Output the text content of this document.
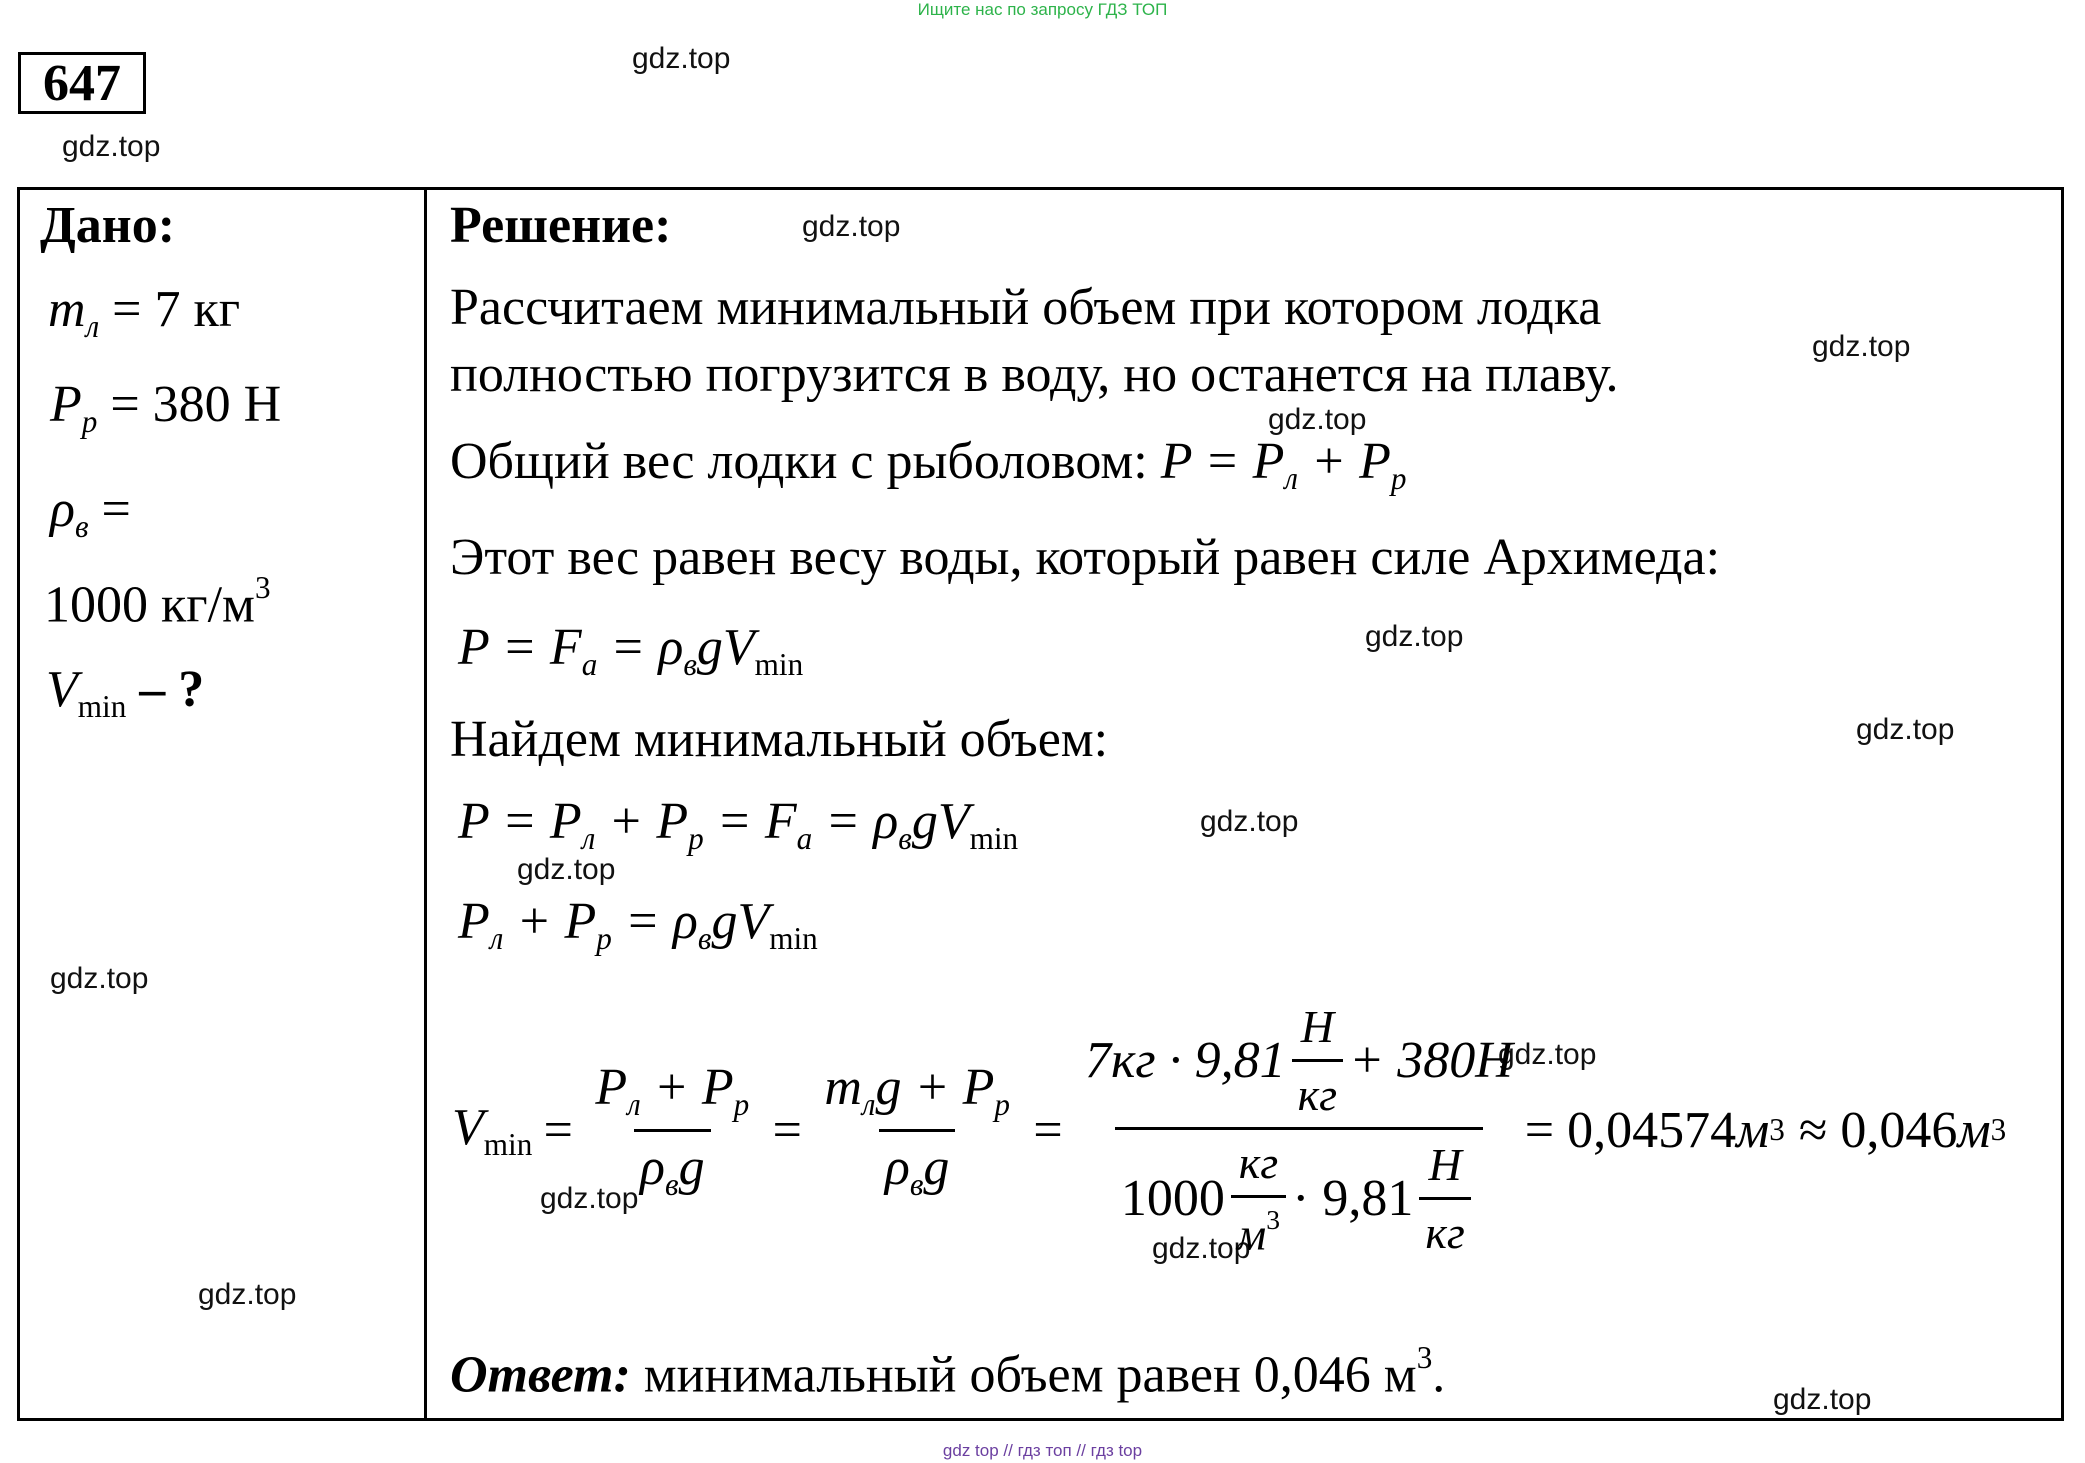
Ищите нас по запросу ГДЗ ТОП
647	gdz.top
gdz.top
gdz.top
gdz.top
gdz.top
gdz.top
gdz.top
gdz.top
gdz.top
gdz.top
gdz.top
gdz.top
gdz.top
gdz.top
gdz.top
Дано:
$m_л = 7$ кг
$P_р = 380$ Н
$\rho_в$ =
1000 $кг/м^3$
$V_{min}$ – ?
Решение:
Рассчитаем минимальный объем при котором лодка
полностью погрузится в воду, но останется на плаву.
Общий вес лодки с рыболовом: $P = P_л + P_р$
Этот вес равен весу воды, который равен силе Архимеда:
$P = F_а = \rho_вgV_{min}$
Найдем минимальный объем:
$P = P_л + P_р = F_а = \rho_вgV_{min}$
$P_л + P_р = \rho_вgV_{min}$
$V_{min} = \frac{P_л + P_р}{\rho_вg} = \frac{m_лg + P_р}{\rho_вg} = \frac{7кг \cdot 9,81 \frac{Н}{кг} + 380Н}{1000 \frac{кг}{м^3} \cdot 9,81 \frac{Н}{кг}} = 0,04574$ м 3 ≈ 0,046 м 3
Ответ: минимальный объем равен 0,046 $м^3$.
gdz top // гдз топ // гдз top
